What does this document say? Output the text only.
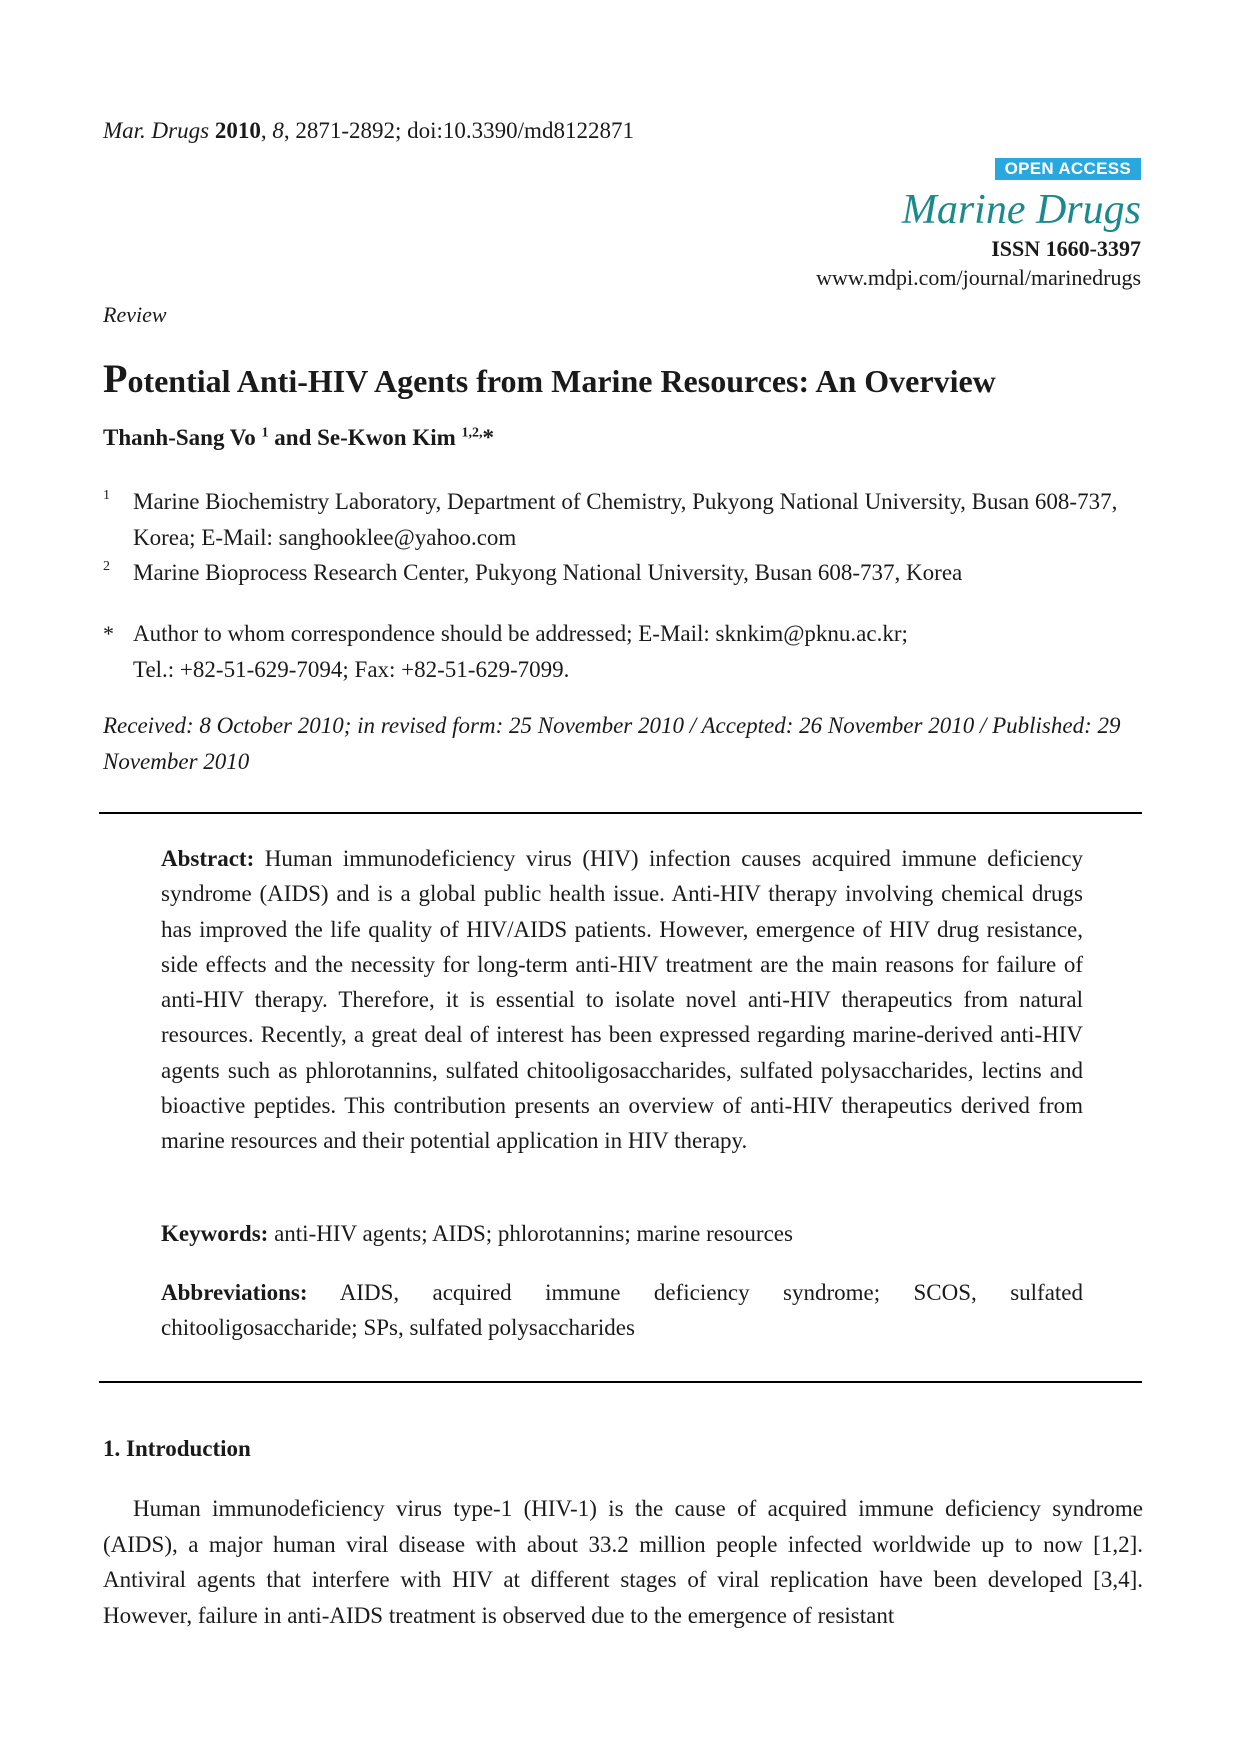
Mar. Drugs 2010, 8, 2871-2892; doi:10.3390/md8122871
OPEN ACCESS
Marine Drugs
ISSN 1660-3397
www.mdpi.com/journal/marinedrugs
Review
Potential Anti-HIV Agents from Marine Resources: An Overview
Thanh-Sang Vo $^1$ and Se-Kwon Kim $^{1,2,}$*
1 Marine Biochemistry Laboratory, Department of Chemistry, Pukyong National University, Busan 608-737, Korea; E-Mail: sanghooklee@yahoo.com
2 Marine Bioprocess Research Center, Pukyong National University, Busan 608-737, Korea
* Author to whom correspondence should be addressed; E-Mail: sknkim@pknu.ac.kr;
Tel.: +82-51-629-7094; Fax: +82-51-629-7099.
Received: 8 October 2010; in revised form: 25 November 2010 / Accepted: 26 November 2010 / Published: 29 November 2010
Abstract: Human immunodeficiency virus (HIV) infection causes acquired immune deficiency syndrome (AIDS) and is a global public health issue. Anti-HIV therapy involving chemical drugs has improved the life quality of HIV/AIDS patients. However, emergence of HIV drug resistance, side effects and the necessity for long-term anti-HIV treatment are the main reasons for failure of anti-HIV therapy. Therefore, it is essential to isolate novel anti-HIV therapeutics from natural resources. Recently, a great deal of interest has been expressed regarding marine-derived anti-HIV agents such as phlorotannins, sulfated chitooligosaccharides, sulfated polysaccharides, lectins and bioactive peptides. This contribution presents an overview of anti-HIV therapeutics derived from marine resources and their potential application in HIV therapy.
Keywords: anti-HIV agents; AIDS; phlorotannins; marine resources
Abbreviations: AIDS, acquired immune deficiency syndrome; SCOS, sulfated chitooligosaccharide; SPs, sulfated polysaccharides
1. Introduction
Human immunodeficiency virus type-1 (HIV-1) is the cause of acquired immune deficiency syndrome (AIDS), a major human viral disease with about 33.2 million people infected worldwide up to now [1,2]. Antiviral agents that interfere with HIV at different stages of viral replication have been developed [3,4]. However, failure in anti-AIDS treatment is observed due to the emergence of resistant
